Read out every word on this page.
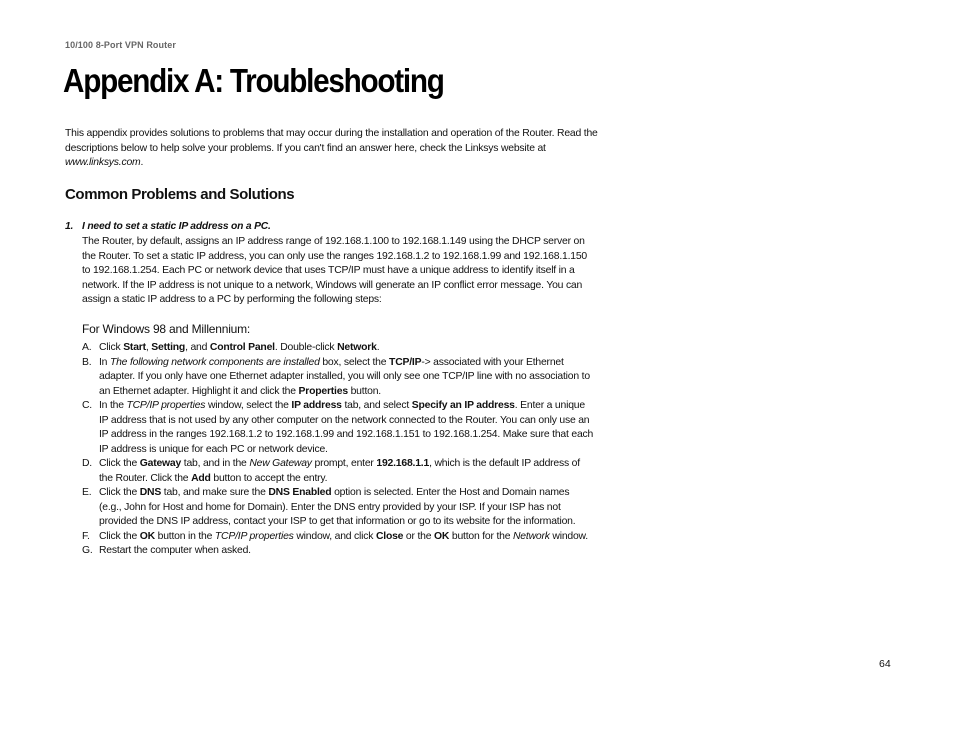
10/100 8-Port VPN Router
Appendix A: Troubleshooting

This appendix provides solutions to problems that may occur during the installation and operation of the Router. Read the descriptions below to help solve your problems. If you can't find an answer here, check the Linksys website at www.linksys.com.

Common Problems and Solutions

1. I need to set a static IP address on a PC.

The Router, by default, assigns an IP address range of 192.168.1.100 to 192.168.1.149 using the DHCP server on the Router. To set a static IP address, you can only use the ranges 192.168.1.2 to 192.168.1.99 and 192.168.1.150 to 192.168.1.254. Each PC or network device that uses TCP/IP must have a unique address to identify itself in a network. If the IP address is not unique to a network, Windows will generate an IP conflict error message. You can assign a static IP address to a PC by performing the following steps:

For Windows 98 and Millennium:

A. Click Start, Setting, and Control Panel. Double-click Network.
B. In The following network components are installed box, select the TCP/IP-> associated with your Ethernet adapter. If you only have one Ethernet adapter installed, you will only see one TCP/IP line with no association to an Ethernet adapter. Highlight it and click the Properties button.
C. In the TCP/IP properties window, select the IP address tab, and select Specify an IP address. Enter a unique IP address that is not used by any other computer on the network connected to the Router. You can only use an IP address in the ranges 192.168.1.2 to 192.168.1.99 and 192.168.1.151 to 192.168.1.254. Make sure that each IP address is unique for each PC or network device.
D. Click the Gateway tab, and in the New Gateway prompt, enter 192.168.1.1, which is the default IP address of the Router. Click the Add button to accept the entry.
E. Click the DNS tab, and make sure the DNS Enabled option is selected. Enter the Host and Domain names (e.g., John for Host and home for Domain). Enter the DNS entry provided by your ISP. If your ISP has not provided the DNS IP address, contact your ISP to get that information or go to its website for the information.
F. Click the OK button in the TCP/IP properties window, and click Close or the OK button for the Network window.
G. Restart the computer when asked.
64
